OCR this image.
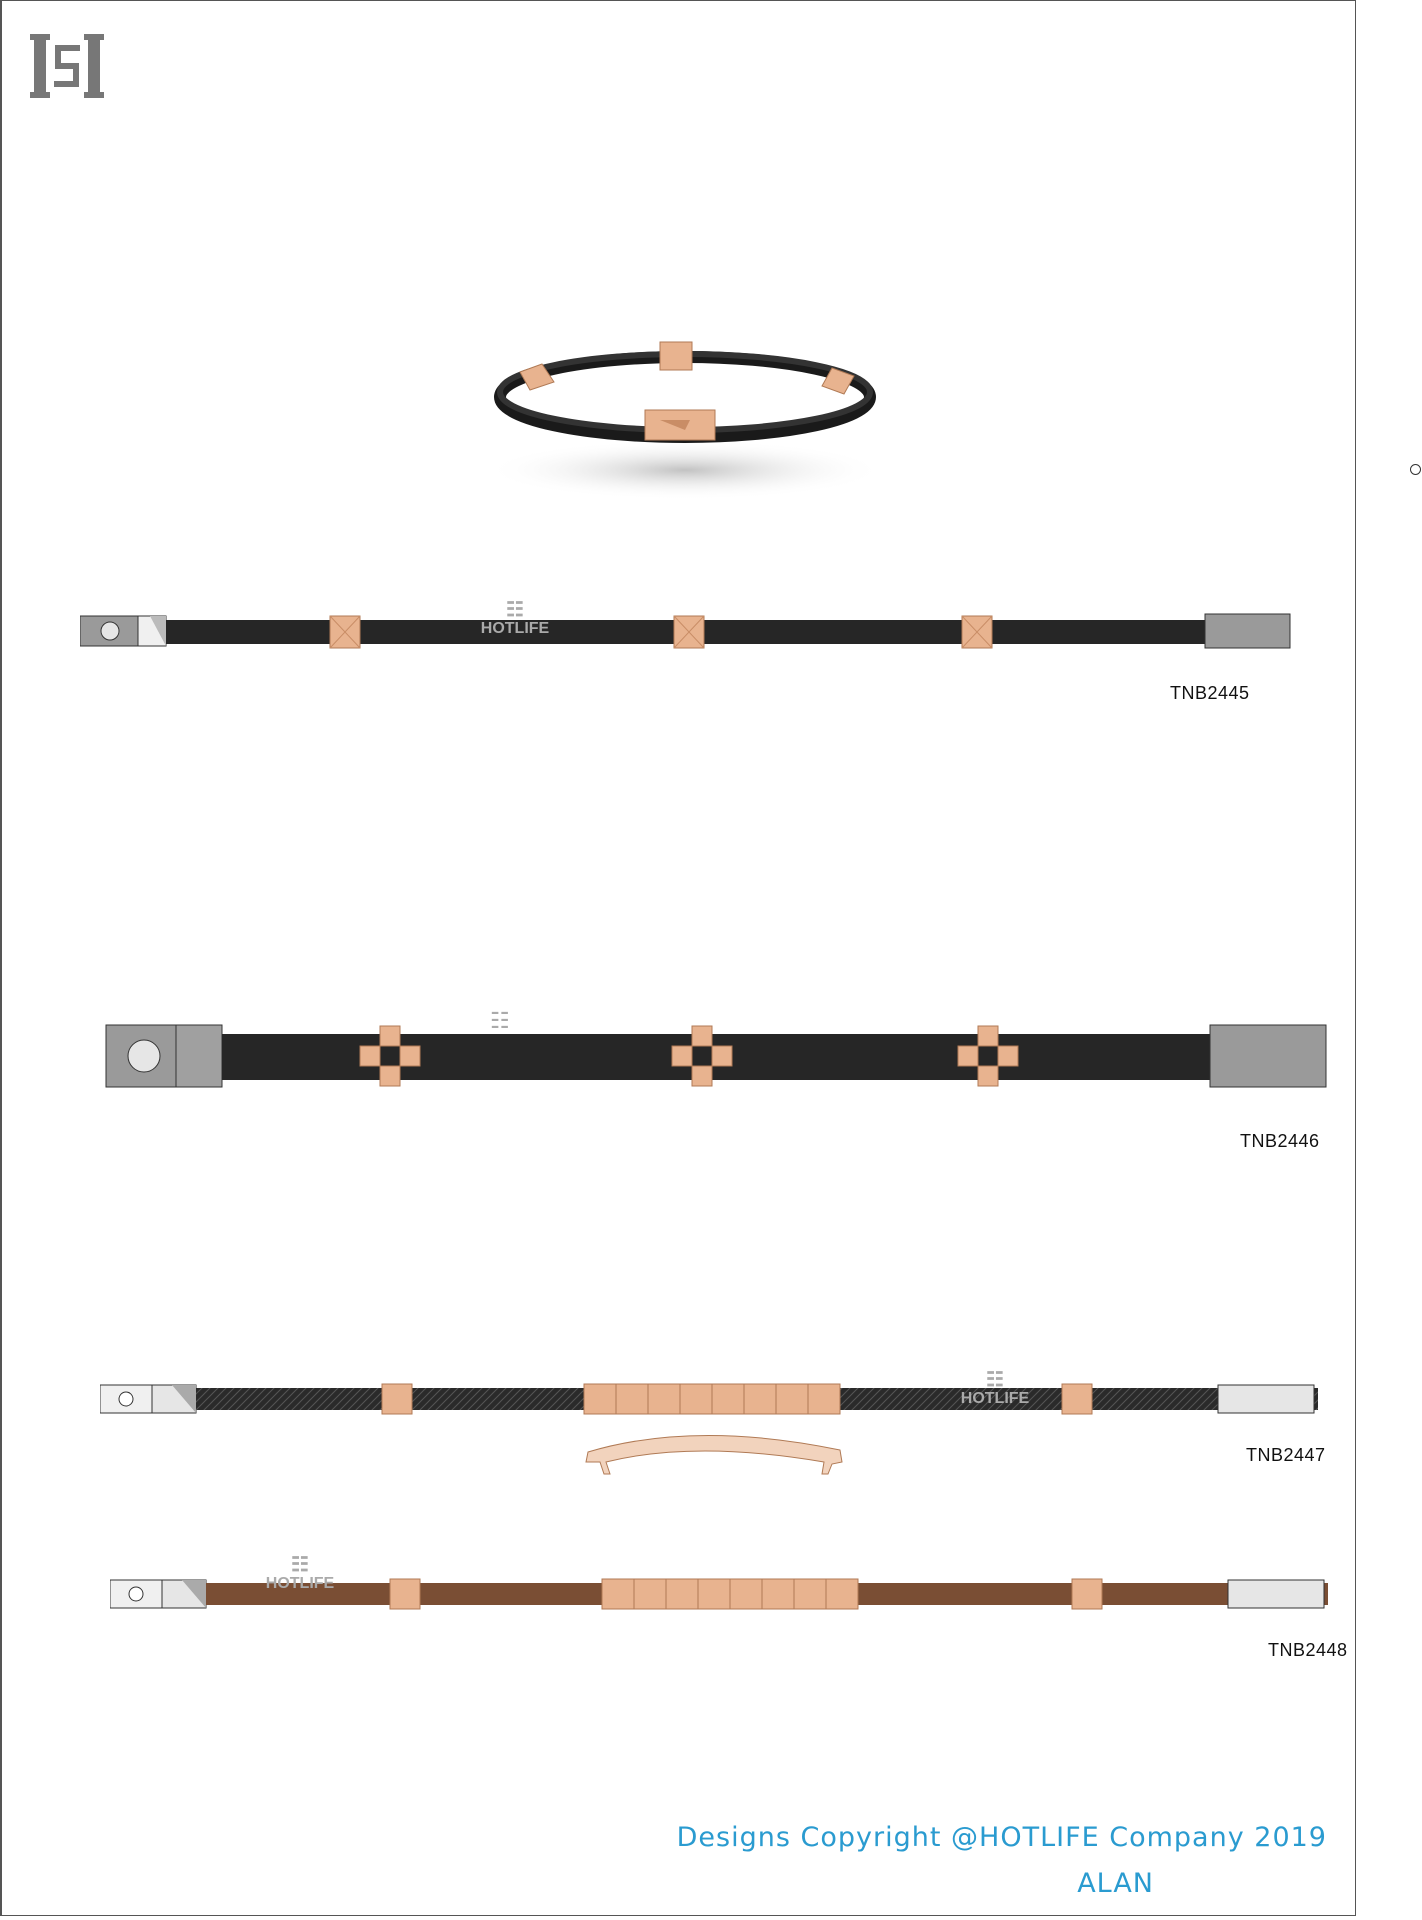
☷
HOTLIFE
TNB2445
☷
TNB2446
☷
HOTLIFE
TNB2447
☷
HOTLIFE
TNB2448
Designs Copyright @HOTLIFE Company 2019
ALAN
